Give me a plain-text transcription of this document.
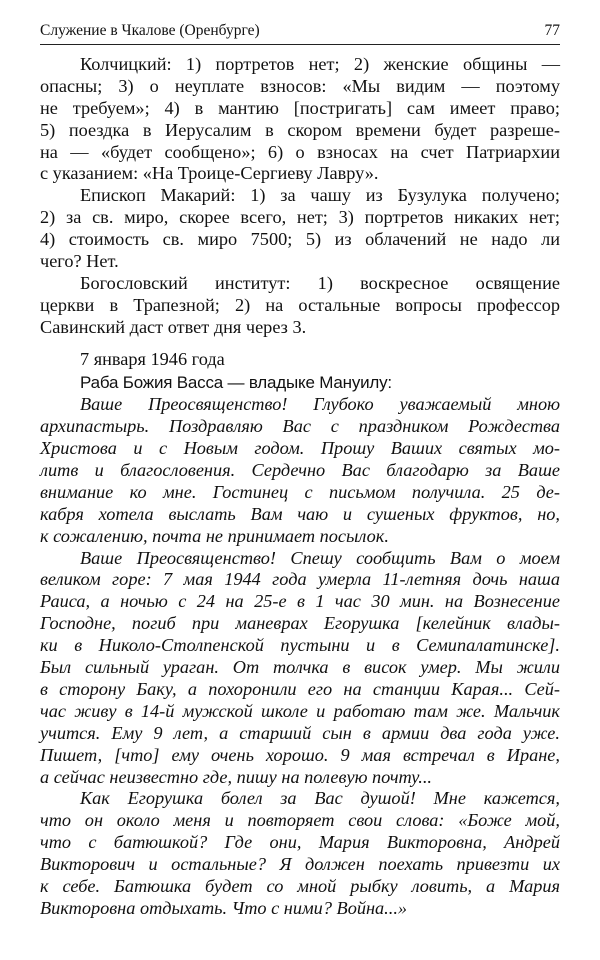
Служение в Чкалове (Оренбурге)	77
Колчицкий: 1) портретов нет; 2) женские общины —
опасны; 3) о неуплате взносов: «Мы видим — поэтому
не требуем»; 4) в мантию [постригать] сам имеет право;
5) поездка в Иерусалим в скором времени будет разреше-
на — «будет сообщено»; 6) о взносах на счет Патриархии
с указанием: «На Троице-Сергиеву Лавру».
Епископ Макарий: 1) за чашу из Бузулука получено;
2) за св. миро, скорее всего, нет; 3) портретов никаких нет;
4) стоимость св. миро 7500; 5) из облачений не надо ли
чего? Нет.
Богословский институт: 1) воскресное освящение
церкви в Трапезной; 2) на остальные вопросы профессор
Савинский даст ответ дня через 3.
7 января 1946 года
Раба Божия Васса — владыке Мануилу:
Ваше Преосвященство! Глубоко уважаемый мною
архипастырь. Поздравляю Вас с праздником Рождества
Христова и с Новым годом. Прошу Ваших святых мо-
литв и благословения. Сердечно Вас благодарю за Ваше
внимание ко мне. Гостинец с письмом получила. 25 де-
кабря хотела выслать Вам чаю и сушеных фруктов, но,
к сожалению, почта не принимает посылок.
Ваше Преосвященство! Спешу сообщить Вам о моем
великом горе: 7 мая 1944 года умерла 11-летняя дочь наша
Раиса, а ночью с 24 на 25-е в 1 час 30 мин. на Вознесение
Господне, погиб при маневрах Егорушка [келейник влады-
ки в Николо-Столпенской пустыни и в Семипалатинске].
Был сильный ураган. От толчка в висок умер. Мы жили
в сторону Баку, а похоронили его на станции Карая... Сей-
час живу в 14-й мужской школе и работаю там же. Мальчик
учится. Ему 9 лет, а старший сын в армии два года уже.
Пишет, [что] ему очень хорошо. 9 мая встречал в Иране,
а сейчас неизвестно где, пишу на полевую почту...
Как Егорушка болел за Вас душой! Мне кажется,
что он около меня и повторяет свои слова: «Боже мой,
что с батюшкой? Где они, Мария Викторовна, Андрей
Викторович и остальные? Я должен поехать привезти их
к себе. Батюшка будет со мной рыбку ловить, а Мария
Викторовна отдыхать. Что с ними? Война...»
